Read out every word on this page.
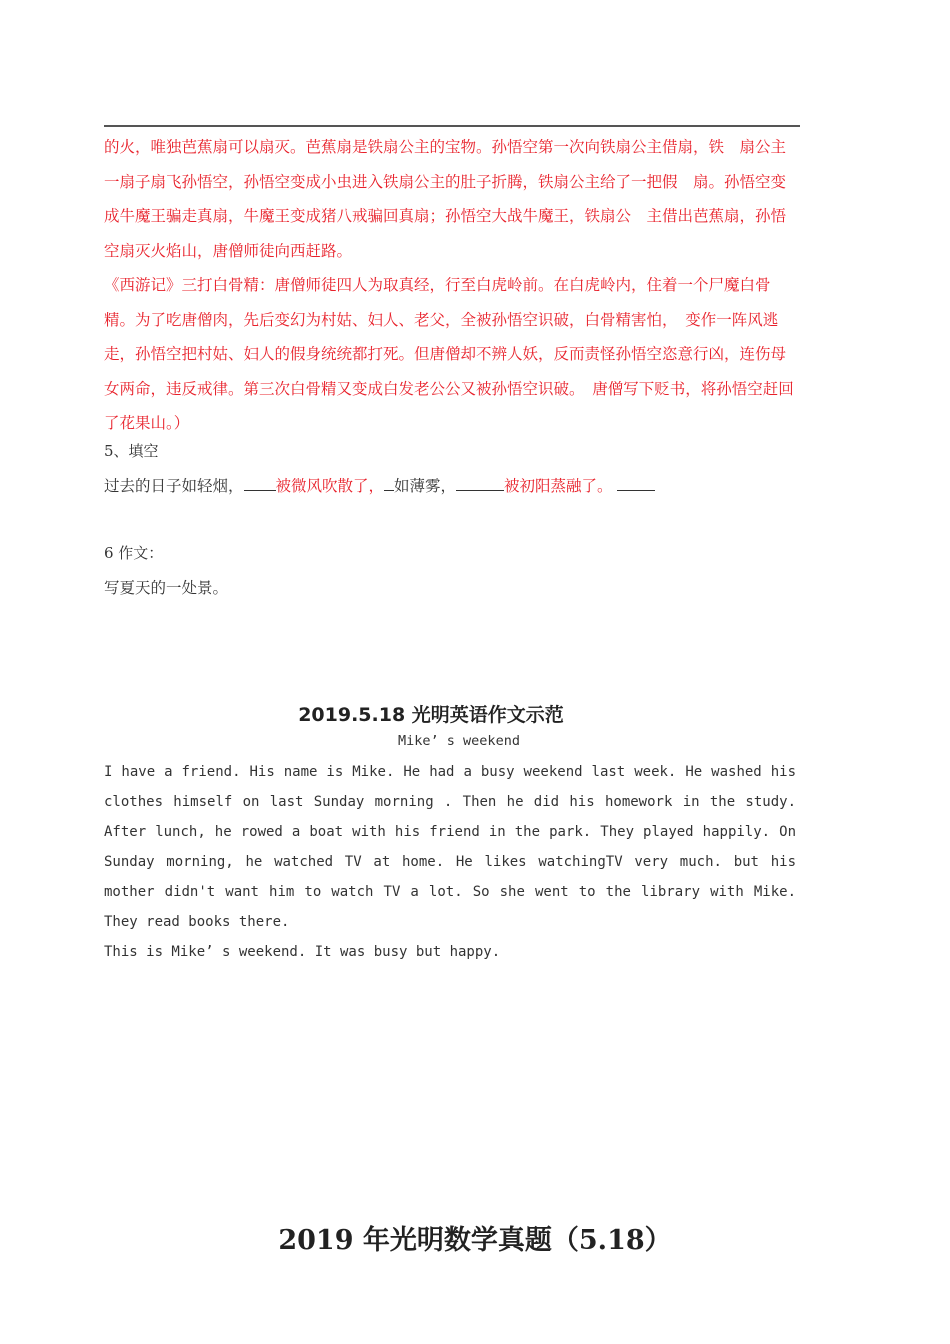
的火，唯独芭蕉扇可以扇灭。芭蕉扇是铁扇公主的宝物。孙悟空第一次向铁扇公主借扇，铁　扇公主一扇子扇飞孙悟空，孙悟空变成小虫进入铁扇公主的肚子折腾，铁扇公主给了一把假　扇。孙悟空变成牛魔王骗走真扇，牛魔王变成猪八戒骗回真扇；孙悟空大战牛魔王，铁扇公　主借出芭蕉扇，孙悟空扇灭火焰山，唐僧师徒向西赶路。

《西游记》三打白骨精：唐僧师徒四人为取真经，行至白虎岭前。在白虎岭内，住着一个尸魔白骨精。为了吃唐僧肉，先后变幻为村姑、妇人、老父，全被孙悟空识破，白骨精害怕，　变作一阵风逃走，孙悟空把村姑、妇人的假身统统都打死。但唐僧却不辨人妖，反而责怪孙悟空恣意行凶，连伤母女两命，违反戒律。第三次白骨精又变成白发老公公又被孙悟空识破。　唐僧写下贬书，将孙悟空赶回了花果山。）

5、填空
过去的日子如轻烟， 被微风吹散了， 如薄雾，	被初阳蒸融了。
6 作文：
写夏天的一处景。
2019.5.18 光明英语作文示范
Mike’ s weekend

I have a friend. His name is Mike. He had a busy weekend last week. He washed his clothes himself on last Sunday morning . Then he did his homework in the study. After lunch, he rowed a boat with his friend in the park. They played happily. On Sunday morning, he watched TV at home. He likes watchingTV very much. but his mother didn't want him to watch TV a lot. So she went to the library with Mike. They read books there.

This is Mike’ s weekend. It was busy but happy.

2019 年光明数学真题（5.18）
